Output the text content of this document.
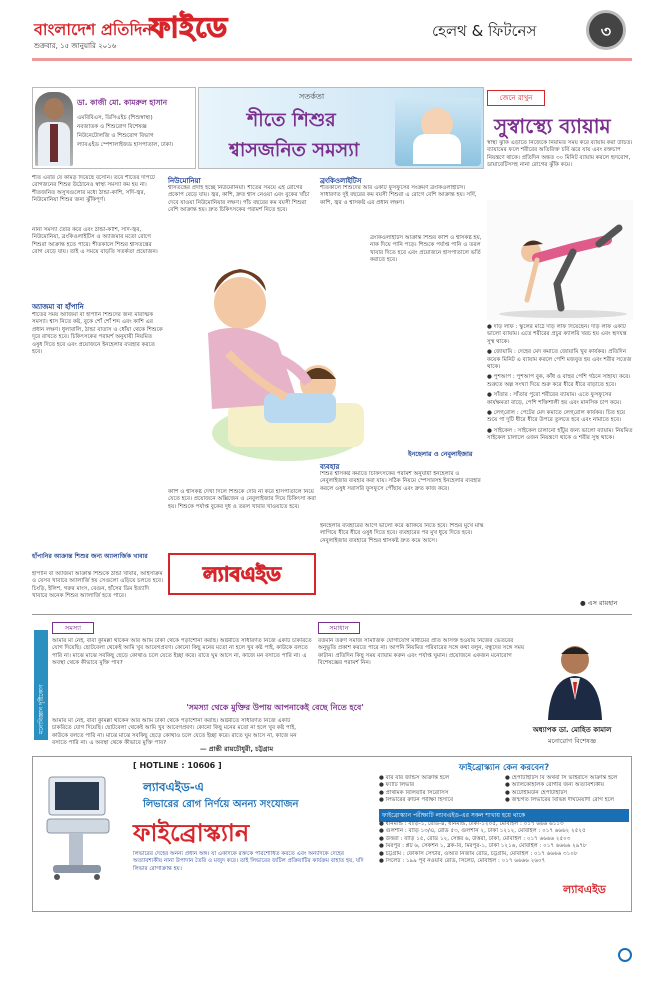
বাংলাদেশ প্রতিদিন
শুক্রবার, ১৫ জানুয়ারি ২০১৬
ফাইডে	হেলথ & ফিটনেস	৩
ডা. কাজী মো. কামরুল হাসান
এমবিবিএস, ডিসিএইচ (শিশুস্বাস্থ্য)
নবজাতক ও শিশুরোগ বিশেষজ্ঞ
নিউনেটোলজি ও শিশুরোগ বিভাগ
ল্যাবএইড স্পেশালাইজড হাসপাতাল, ঢাকা।
সতর্কতা
শীতে শিশুর
শ্বাসজনিত সমস্যা
শীত এবার যে কামড় দিয়েছে বসেনি। তবে শীতের দাপটে রোগজনের শিশুর উঠোনেও স্বাস্থ্য সমস্যা কম হয় না। শীতজনিত অসুখগুলোর মধ্যে ঠান্ডা-কাশি, সর্দি-জ্বর, নিউমোনিয়া শিশুর জন্য ঝুঁকিপূর্ণ।
নানা সমস্যা তৈরি করে এবং ঠান্ডা-কাশি, সর্দি-জ্বর, নিউমোনিয়া, ব্রংকিওলাইটিস ও অ্যাজমার মতো রোগে শিশুরা আক্রান্ত হতে পারে। শীতকালে শিশুর শ্বাসতন্ত্রের রোগ বেড়ে যায়। তাই এ সময়ে বাড়তি সতর্কতা প্রয়োজন।
অ্যাজমা বা হাঁপানি
শীতের সময় অ্যাজমা বা হাঁপানি শিশুদের জন্য মারাত্মক সমস্যা। শ্বাস নিতে কষ্ট, বুকে শোঁ শোঁ শব্দ এবং কাশি এর প্রধান লক্ষণ। ধুলাবালি, ঠান্ডা বাতাস ও ধোঁয়া থেকে শিশুকে দূরে রাখতে হবে। চিকিৎসকের পরামর্শ অনুযায়ী নিয়মিত ওষুধ দিতে হবে এবং প্রয়োজনে ইনহেলার ব্যবহার করতে হবে।
হাঁপানির আক্রান্ত শিশুর জন্য অ্যালার্জিক খাবার
হাঁপানি বা অ্যাজমা আক্রান্ত শিশুকে ঠান্ডা খাবার, আইসক্রিম ও যেসব খাবারে অ্যালার্জি হয় সেগুলো এড়িয়ে চলতে হবে। চিংড়ি, ইলিশ, গরুর মাংস, বেগুন, হাঁসের ডিম ইত্যাদি খাবারে অনেক শিশুর অ্যালার্জি হতে পারে।
নিউমোনিয়া
শ্বাসতন্ত্রের প্রদাহ হচ্ছে নিউমোনিয়া। শীতের সময়ে এই রোগের প্রকোপ বেড়ে যায়। জ্বর, কাশি, দ্রুত শ্বাস নেওয়া এবং বুকের খাঁচা দেবে যাওয়া নিউমোনিয়ার লক্ষণ। পাঁচ বছরের কম বয়সী শিশুরা বেশি আক্রান্ত হয়। দ্রুত চিকিৎসকের পরামর্শ নিতে হবে।
কাশি ও শ্বাসকষ্ট দেখা দিলে শিশুকে দেরি না করে হাসপাতালে নিয়ে যেতে হবে। প্রয়োজনে অক্সিজেন ও নেবুলাইজার দিয়ে চিকিৎসা করা হয়। শিশুকে পর্যাপ্ত বুকের দুধ ও তরল খাবার খাওয়াতে হবে।
ব্রংকিওলাইটিস
শীতকালে শিশুদের আর একটি ফুসফুসের সংক্রমণ ব্রংকিওলাইটিস। সাধারণত দুই বছরের কম বয়সী শিশুরা এ রোগে বেশি আক্রান্ত হয়। সর্দি, কাশি, জ্বর ও শ্বাসকষ্ট এর প্রধান লক্ষণ।
ব্রংকিওলাইটিস আক্রান্ত শিশুর কাশি ও শ্বাসকষ্ট হয়, নাক দিয়ে পানি পড়ে। শিশুকে পর্যাপ্ত পানি ও তরল খাবার দিতে হবে এবং প্রয়োজনে হাসপাতালে ভর্তি করাতে হবে।
ইনহেলার ও নেবুলাইজার
ব্যবহার
শিশুর শ্বাসকষ্ট কমাতে চিকিৎসকের পরামর্শ অনুযায়ী ইনহেলার ও নেবুলাইজার ব্যবহার করা যায়। সঠিক নিয়মে স্পেসারসহ ইনহেলার ব্যবহার করলে ওষুধ সরাসরি ফুসফুসে পৌঁছায় এবং দ্রুত কাজ করে।
ইনহেলার ব্যবহারের আগে ভালো করে ঝাঁকিয়ে নিতে হবে। শিশুর মুখে মাস্ক লাগিয়ে ধীরে ধীরে ওষুধ দিতে হবে। ব্যবহারের পর মুখ ধুয়ে দিতে হবে। নেবুলাইজার ব্যবহারে শিশুর শ্বাসকষ্ট দ্রুত কমে আসে।
ল্যাবএইড
জেনে রাখুন
সুস্বাস্থ্যে ব্যায়াম
স্বাস্থ্য ঝুঁকি এড়াতে নিজেকে নিয়মিত সময় করে ব্যায়াম করা উচিত। ব্যায়ামের ফলে শরীরের অতিরিক্ত চর্বি ঝরে যায় এবং রক্তচাপ নিয়ন্ত্রণে থাকে। প্রতিদিন অন্তত ৩০ মিনিট ব্যায়াম করলে হৃদরোগ, ডায়াবেটিসসহ নানা রোগের ঝুঁকি কমে।
● দড়ি লাফ : স্কুলের মাঠে দড়ি লাফ দিয়েছেন। দড়ি লাফ একটি ভালো ব্যায়াম। এতে শরীরের প্রচুর ক্যালরি খরচ হয় এবং হৃদযন্ত্র সুস্থ থাকে।
● জোয়ামি : দেহের মেদ কমাতে জোয়ামি খুব কার্যকর। প্রতিদিন কয়েক মিনিট এ ব্যায়াম করলে পেশি মজবুত হয় এবং শরীর সতেজ থাকে।
● পুশআপ : পুশআপ বুক, কাঁধ ও বাহুর পেশি গঠনে সাহায্য করে। শুরুতে অল্প সংখ্যা দিয়ে শুরু করে ধীরে ধীরে বাড়াতে হবে।
● সাঁতার : সাঁতার পুরো শরীরের ব্যায়াম। এতে ফুসফুসের কার্যক্ষমতা বাড়ে, পেশি শক্তিশালী হয় এবং মানসিক চাপ কমে।
● লেগ্‌রোল : পেটের মেদ কমাতে লেগ্‌রোল কার্যকর। চিত হয়ে শুয়ে পা দুটি ধীরে ধীরে উপরে তুলতে হবে এবং নামাতে হবে।
● সাইকেল : সাইকেল চালানো হাঁটুর জন্য ভালো ব্যায়াম। নিয়মিত সাইকেল চালালে ওজন নিয়ন্ত্রণে থাকে ও শরীর সুস্থ থাকে।
● এস রায়হান
মনোবিজ্ঞান দৃষ্টিকোণ
সমস্যা
আমার মা নেই, বাবা কুমিল্লা থাকেন আর আমি ঢাকা থেকে পড়াশোনা করছি। অষ্টমীতে সাধারণত নিজে একটি চাকরিতে যোগ দিয়েছি। ছোটবেলা থেকেই আমি খুব আবেগপ্রবণ। কোনো কিছু মনের মতো না হলে খুব কষ্ট পাই, কাউকে বলতে পারি না। মাঝে মাঝে সবকিছু ছেড়ে কোথাও চলে যেতে ইচ্ছা করে। রাতে ঘুম আসে না, কাজে মন বসাতে পারি না। এ অবস্থা থেকে কীভাবে মুক্তি পাব?
সমাধান
বর্তমান তরুণ সমাজ সামাজিক যোগাযোগ মাধ্যমের প্রতি আসক্ত হওয়ায় নিজের ভেতরের অনুভূতি প্রকাশ করতে পারে না। আপনি নিয়মিত পরিবারের সঙ্গে কথা বলুন, বন্ধুদের সঙ্গে সময় কাটান। প্রতিদিন কিছু সময় ব্যায়াম করুন এবং পর্যাপ্ত ঘুমান। প্রয়োজনে একজন মনোরোগ বিশেষজ্ঞের পরামর্শ নিন।
'সমস্যা থেকে মুক্তির উপায় আপনাকেই বেছে নিতে হবে'
আমার মা নেই, বাবা কুমিল্লা থাকেন আর আমি ঢাকা থেকে পড়াশোনা করছি। অষ্টমীতে সাধারণত নিজে একটি চাকরিতে যোগ দিয়েছি। ছোটবেলা থেকেই আমি খুব আবেগপ্রবণ। কোনো কিছু মনের মতো না হলে খুব কষ্ট পাই, কাউকে বলতে পারি না। মাঝে মাঝে সবকিছু ছেড়ে কোথাও চলে যেতে ইচ্ছা করে। রাতে ঘুম আসে না, কাজে মন বসাতে পারি না। এ অবস্থা থেকে কীভাবে মুক্তি পাব?
— প্রান্তী রায়চৌধুরী, চট্টগ্রাম
অধ্যাপক ডা. মোহিত কামাল
মনোরোগ বিশেষজ্ঞ
[ HOTLINE : 10606 ]
ল্যাবএইড-এ
লিভারের রোগ নির্ণয়ে অনন্য সংযোজন
ফাইব্রোস্ক্যান
লিভারের দেহের অনন্য প্রধান অঙ্গ। যা একদিকে রক্তকে পরিশোধিত করতে এবং অন্যদিকে দেহের অত্যাবশ্যকীয় নানা উপাদান তৈরি ও মজুদ করে। তাই লিভারের জটিল প্রক্রিয়াটির কার্যক্রম বাহাত হয়, যদি লিভার রোগাক্রান্ত হয়।
ফাইব্রোস্ক্যান কেন করবেন?
● বার বার জন্ডিস আক্রান্ত হলে
● ফ্যাটি লিভার
● প্রাথমিক বিলিয়ারি সিরোসিস
● লিভারের রুটিন পরীক্ষা হিসাবে
● হেপাটাইটিস বি অথবা সি ভাইরাসে আক্রান্ত হলে
● অ্যালকোহলিক রোগীর জন্য অত্যাবশ্যকীয়
● অটোইমিউন হেপাটাইটিস
● জন্মগত লিভারের বিভিন্ন দীর্ঘমেয়াদী রোগ হলে
ফাইব্রোস্ক্যান পরীক্ষাটি ল্যাবএইড-এর সকল শাখায় হয়ে থাকে
● ধানমন্ডি : বাড়ি-১, রোড-৪, ধানমন্ডি, ঢাকা-১২০৫, মোবাইল : ০১৭ ৬৬৬ ৬১১৩
● গুলশান : বাড়ি ১৩/এ, রোড ৫৩, গুলশান ২, ঢাকা ১২১২, মোবাইল : ০১৭ ৬৬৬২ ২৫২৫
● উত্তরা : বাড়ি ১৫, রোড ১২, সেক্টর ৬, উত্তরা, ঢাকা, মোবাইল : ০১৭ ৬৬৬৬ ২৫০৩
● মিরপুর : প্লট ৬, সেকশন ১, ব্লক-বি, মিরপুর-১, ঢাকা ১২১৬, মোবাইল : ০১৭ ৬৬৬৬ ২৯৭৮
● চট্টগ্রাম : ফোকাস সেন্টার, ওআর নিজাম রোড, চট্টগ্রাম, মোবাইল : ০১৭ ৬৬৬৬ ৩১০৮
● সিলেট : ১৯৯ পূর্ব নওয়াব রোড, সিলেট, মোবাইল : ০১৭ ৬৬৬৬ ২৬০৭
ল্যাবএইড
